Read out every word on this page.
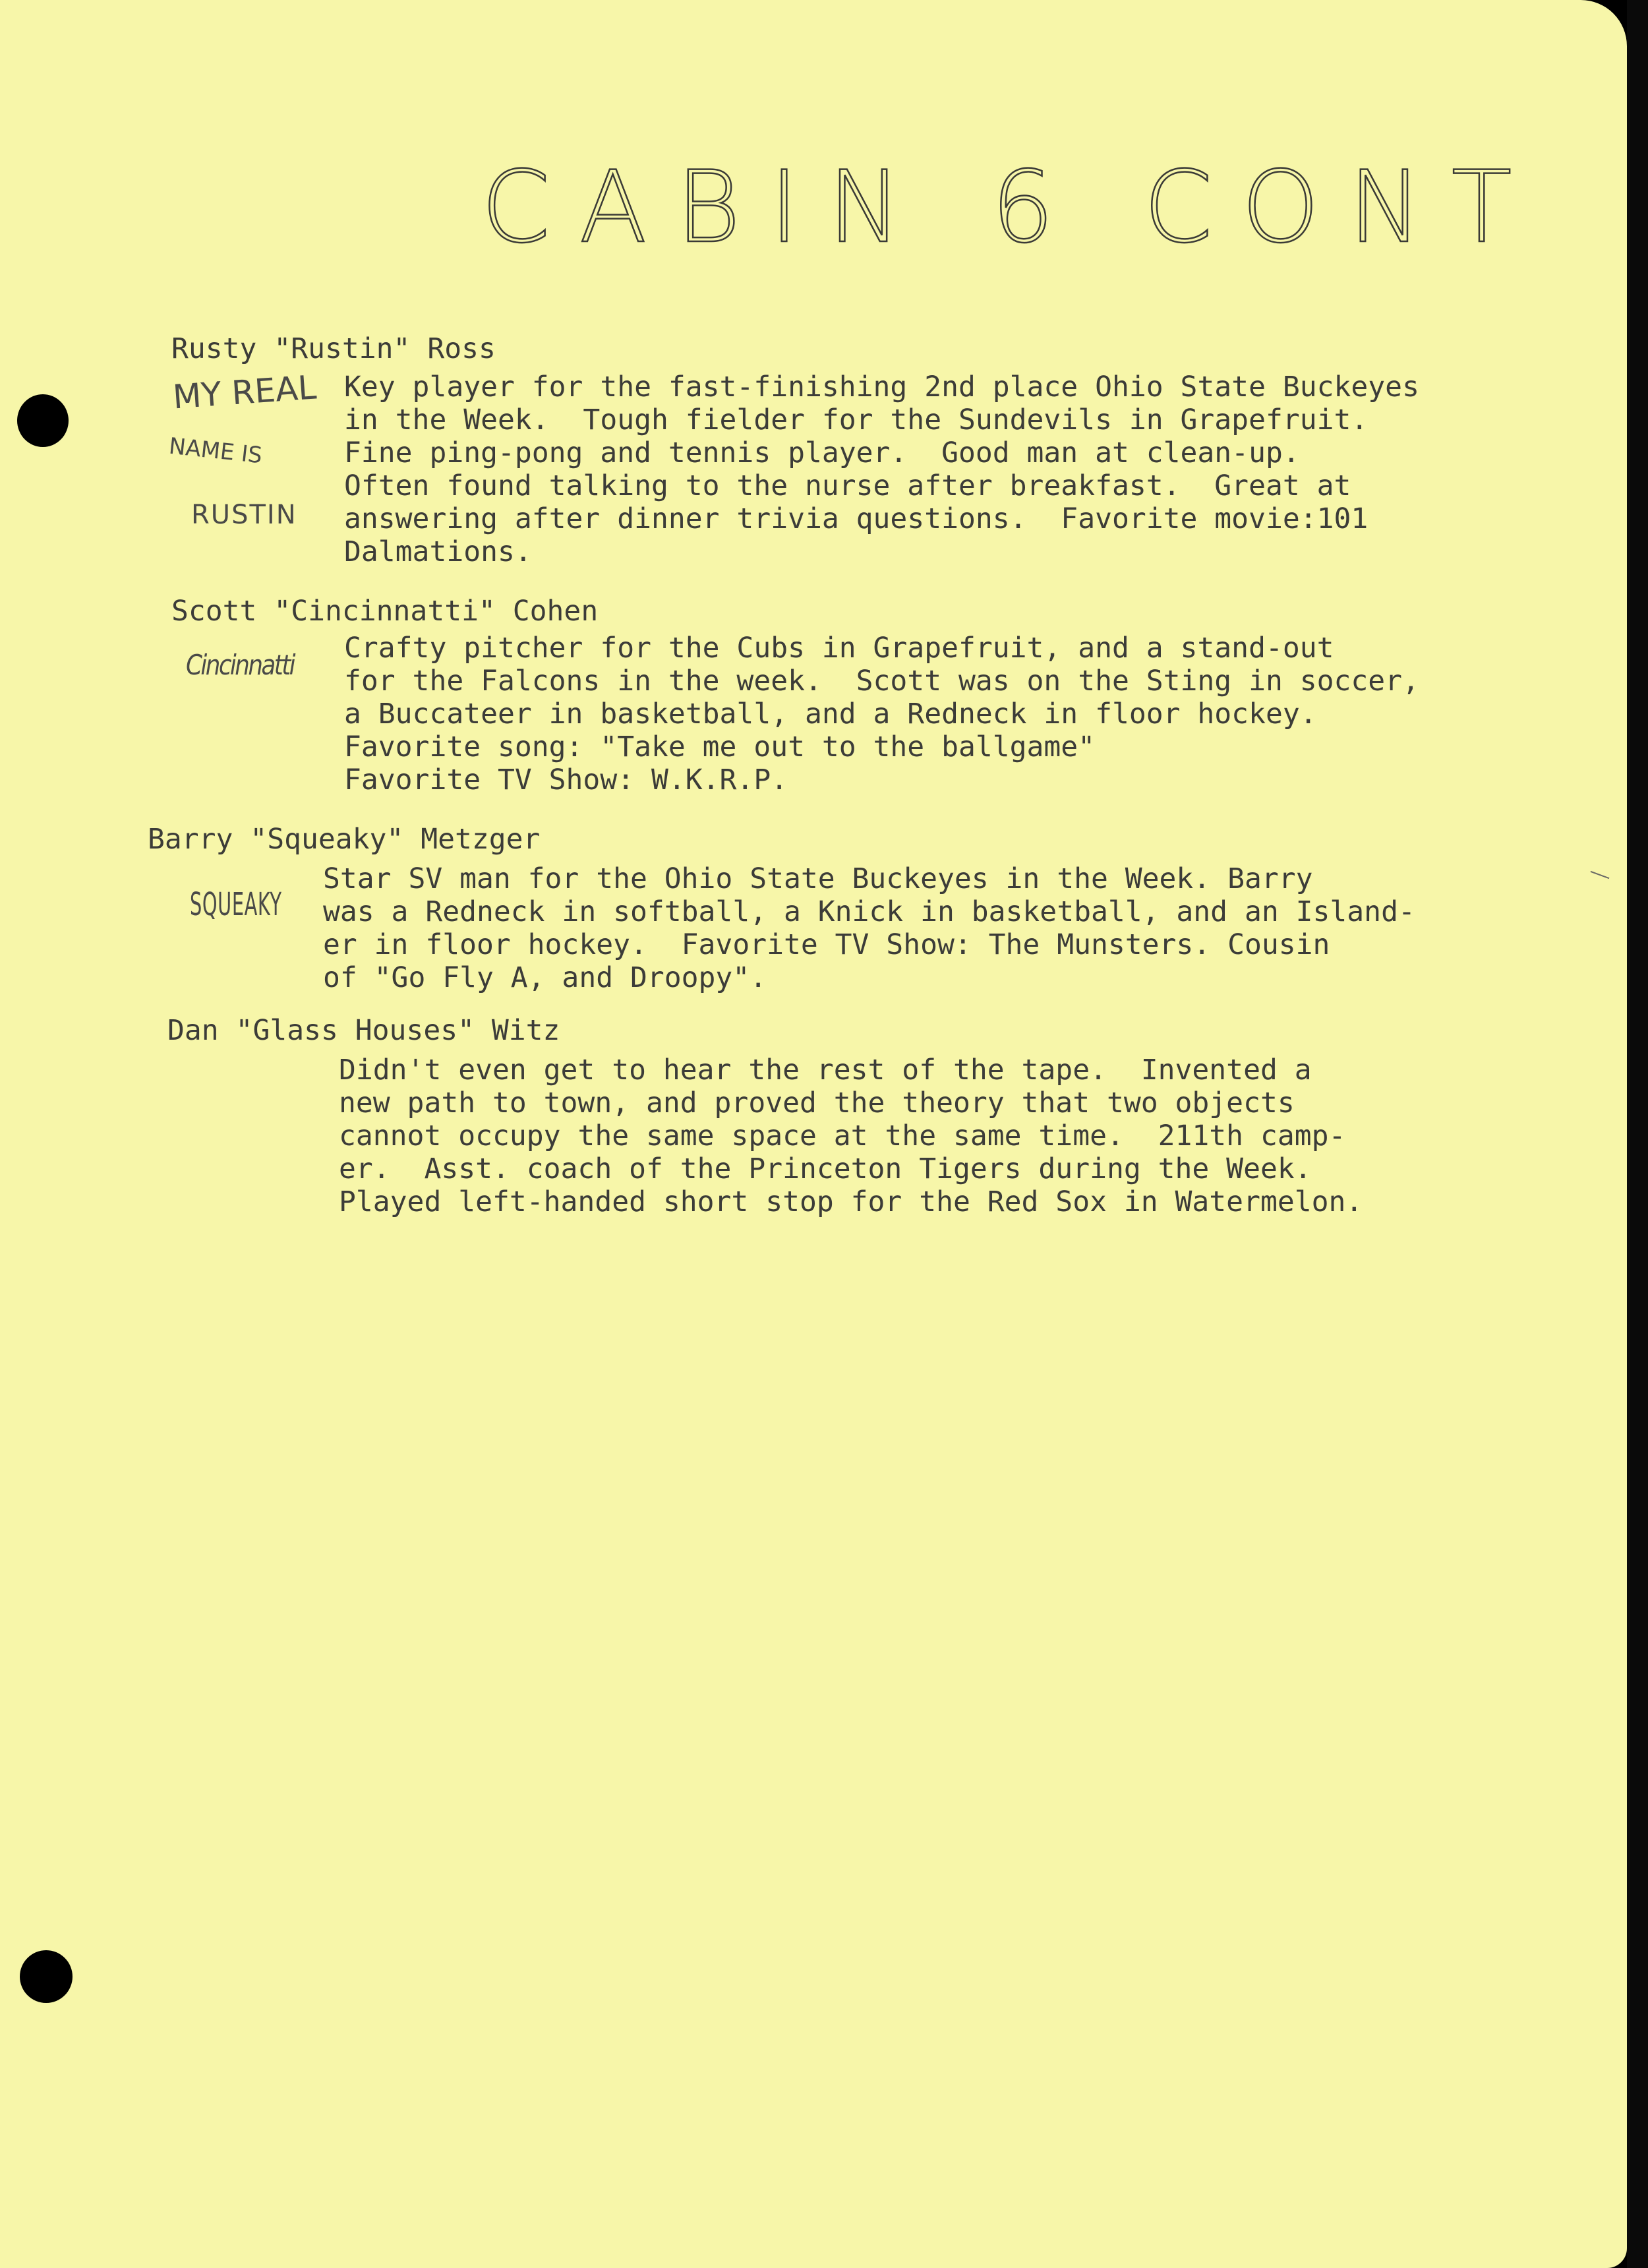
CABIN 6 CONT
Rusty "Rustin" Ross
Key player for the fast-finishing 2nd place Ohio State Buckeyes
in the Week.  Tough fielder for the Sundevils in Grapefruit.
Fine ping-pong and tennis player.  Good man at clean-up.
Often found talking to the nurse after breakfast.  Great at
answering after dinner trivia questions.  Favorite movie:101
Dalmations.
MY REAL
NAME IS
RUSTIN
Scott "Cincinnatti" Cohen
Crafty pitcher for the Cubs in Grapefruit, and a stand-out
for the Falcons in the week.  Scott was on the Sting in soccer,
a Buccateer in basketball, and a Redneck in floor hockey.
Favorite song: "Take me out to the ballgame"
Favorite TV Show: W.K.R.P.
Cincinnatti
Barry "Squeaky" Metzger
Star SV man for the Ohio State Buckeyes in the Week. Barry
was a Redneck in softball, a Knick in basketball, and an Island-
er in floor hockey.  Favorite TV Show: The Munsters. Cousin
of "Go Fly A, and Droopy".
SQUEAKY
Dan "Glass Houses" Witz
Didn't even get to hear the rest of the tape.  Invented a
new path to town, and proved the theory that two objects
cannot occupy the same space at the same time.  211th camp-
er.  Asst. coach of the Princeton Tigers during the Week.
Played left-handed short stop for the Red Sox in Watermelon.
